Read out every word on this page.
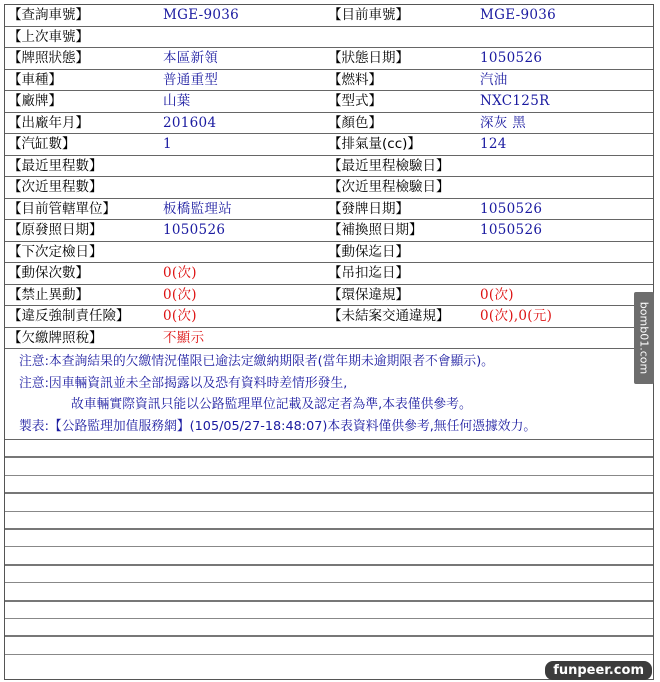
【查詢車號】	MGE-9036	【目前車號】	MGE-9036
【上次車號】			
【牌照狀態】	本區新領	【狀態日期】	1050526
【車種】	普通重型	【燃料】	汽油
【廠牌】	山葉	【型式】	NXC125R
【出廠年月】	201604	【顏色】	深灰 黑
【汽缸數】	1	【排氣量(cc)】	124
【最近里程數】		【最近里程檢驗日】	
【次近里程數】		【次近里程檢驗日】	
【目前管轄單位】	板橋監理站	【發牌日期】	1050526
【原發照日期】	1050526	【補換照日期】	1050526
【下次定檢日】		【動保迄日】	
【動保次數】	0(次)	【吊扣迄日】	
【禁止異動】	0(次)	【環保違規】	0(次)
【違反強制責任險】	0(次)	【未結案交通違規】	0(次),0(元)
【欠繳牌照稅】	不顯示		
注意:本查詢結果的欠繳情況僅限已逾法定繳納期限者(當年期未逾期限者不會顯示)。
注意:因車輛資訊並未全部揭露以及恐有資料時差情形發生,
故車輛實際資訊只能以公路監理單位記載及認定者為準,本表僅供參考。
製表:【公路監理加值服務網】(105/05/27-18:48:07)本表資料僅供參考,無任何憑據效力。
bomb01.com
funpeer.com
